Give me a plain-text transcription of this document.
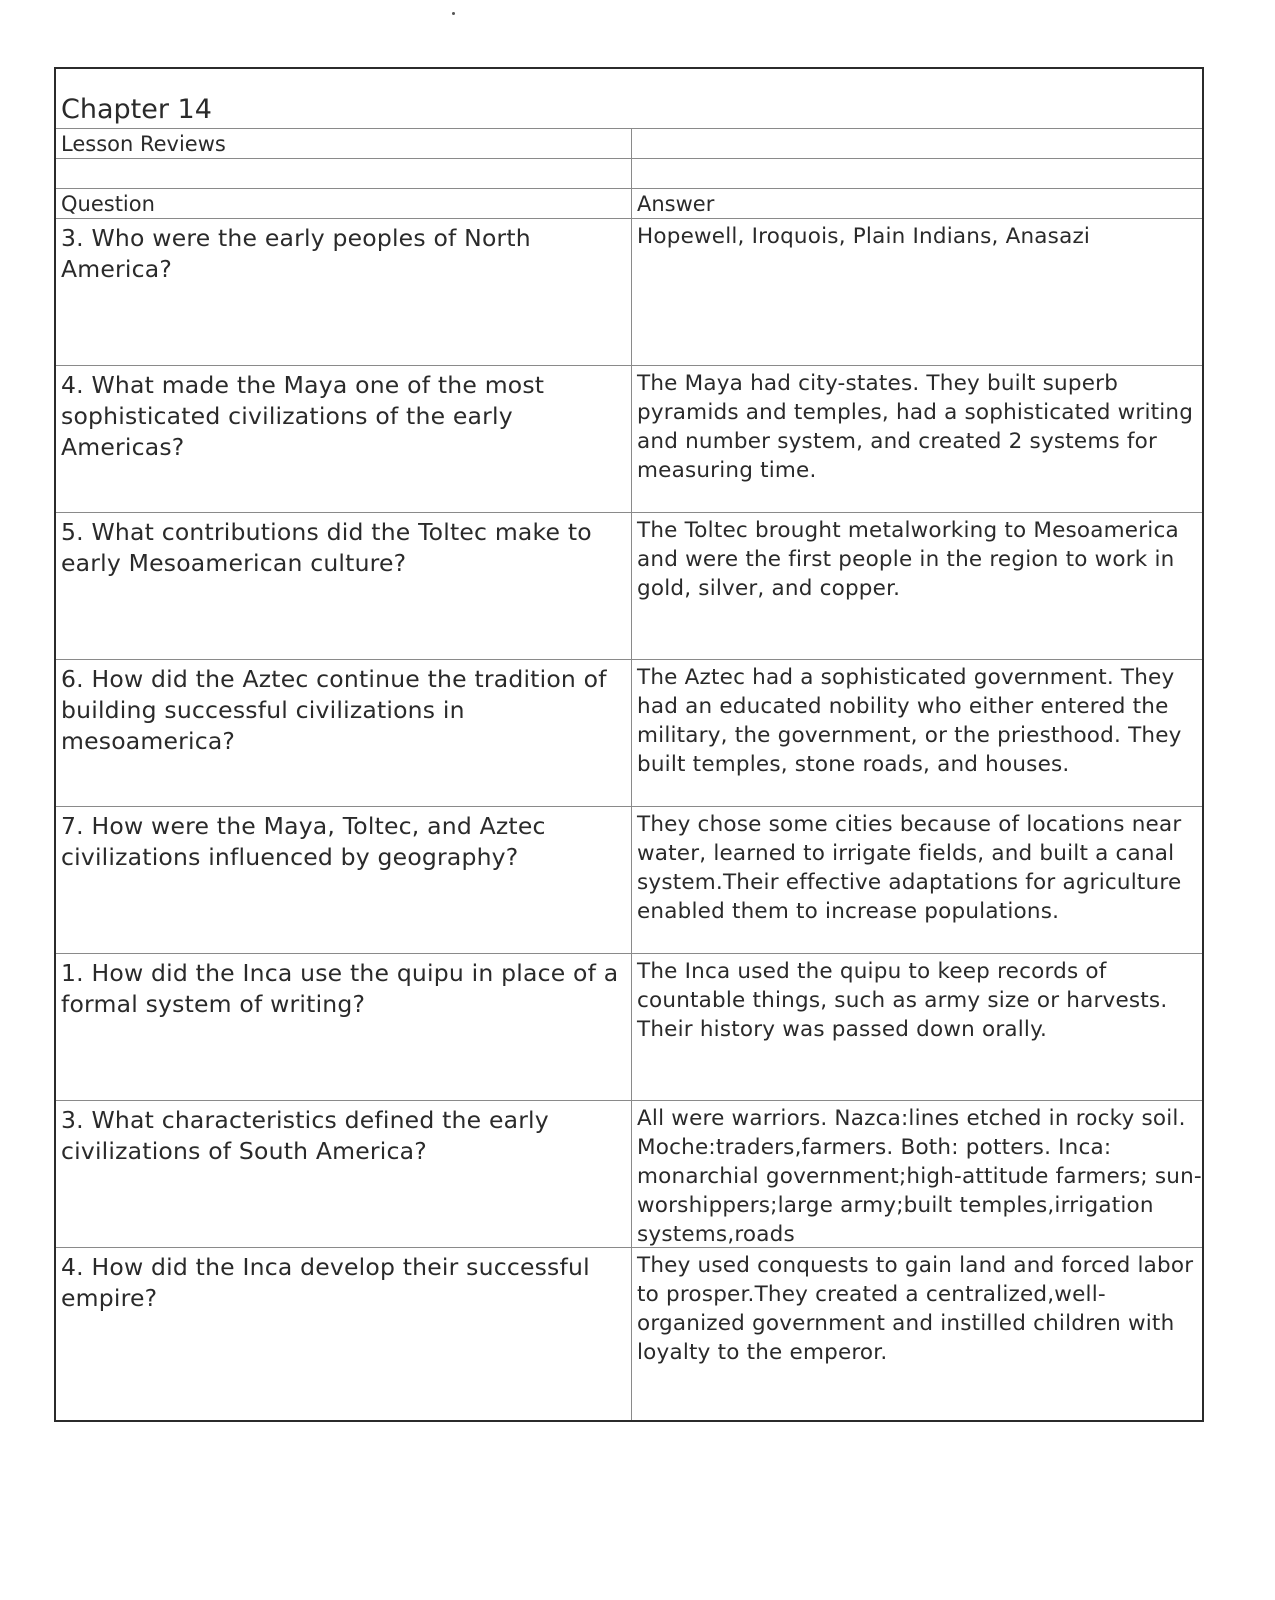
Chapter 14
Lesson Reviews
Question	Answer
3. Who were the early peoples of North America?
Hopewell, Iroquois, Plain Indians, Anasazi
4. What made the Maya one of the most sophisticated civilizations of the early Americas?
The Maya had city-states. They built superb pyramids and temples, had a sophisticated writing and number system, and created 2 systems for measuring time.
5. What contributions did the Toltec make to early Mesoamerican culture?
The Toltec brought metalworking to Mesoamerica and were the first people in the region to work in gold, silver, and copper.
6. How did the Aztec continue the tradition of building successful civilizations in mesoamerica?
The Aztec had a sophisticated government. They had an educated nobility who either entered the military, the government, or the priesthood. They built temples, stone roads, and houses.
7. How were the Maya, Toltec, and Aztec civilizations influenced by geography?
They chose some cities because of locations near water, learned to irrigate fields, and built a canal system.Their effective adaptations for agriculture enabled them to increase populations.
1. How did the Inca use the quipu in place of a formal system of writing?
The Inca used the quipu to keep records of countable things, such as army size or harvests. Their history was passed down orally.
3. What characteristics defined the early civilizations of South America?
All were warriors. Nazca:lines etched in rocky soil. Moche:traders,farmers. Both: potters. Inca: monarchial government;high-attitude farmers; sun-worshippers;large army;built temples,irrigation systems,roads
4. How did the Inca develop their successful empire?
They used conquests to gain land and forced labor to prosper.They created a centralized,well-organized government and instilled children with loyalty to the emperor.
